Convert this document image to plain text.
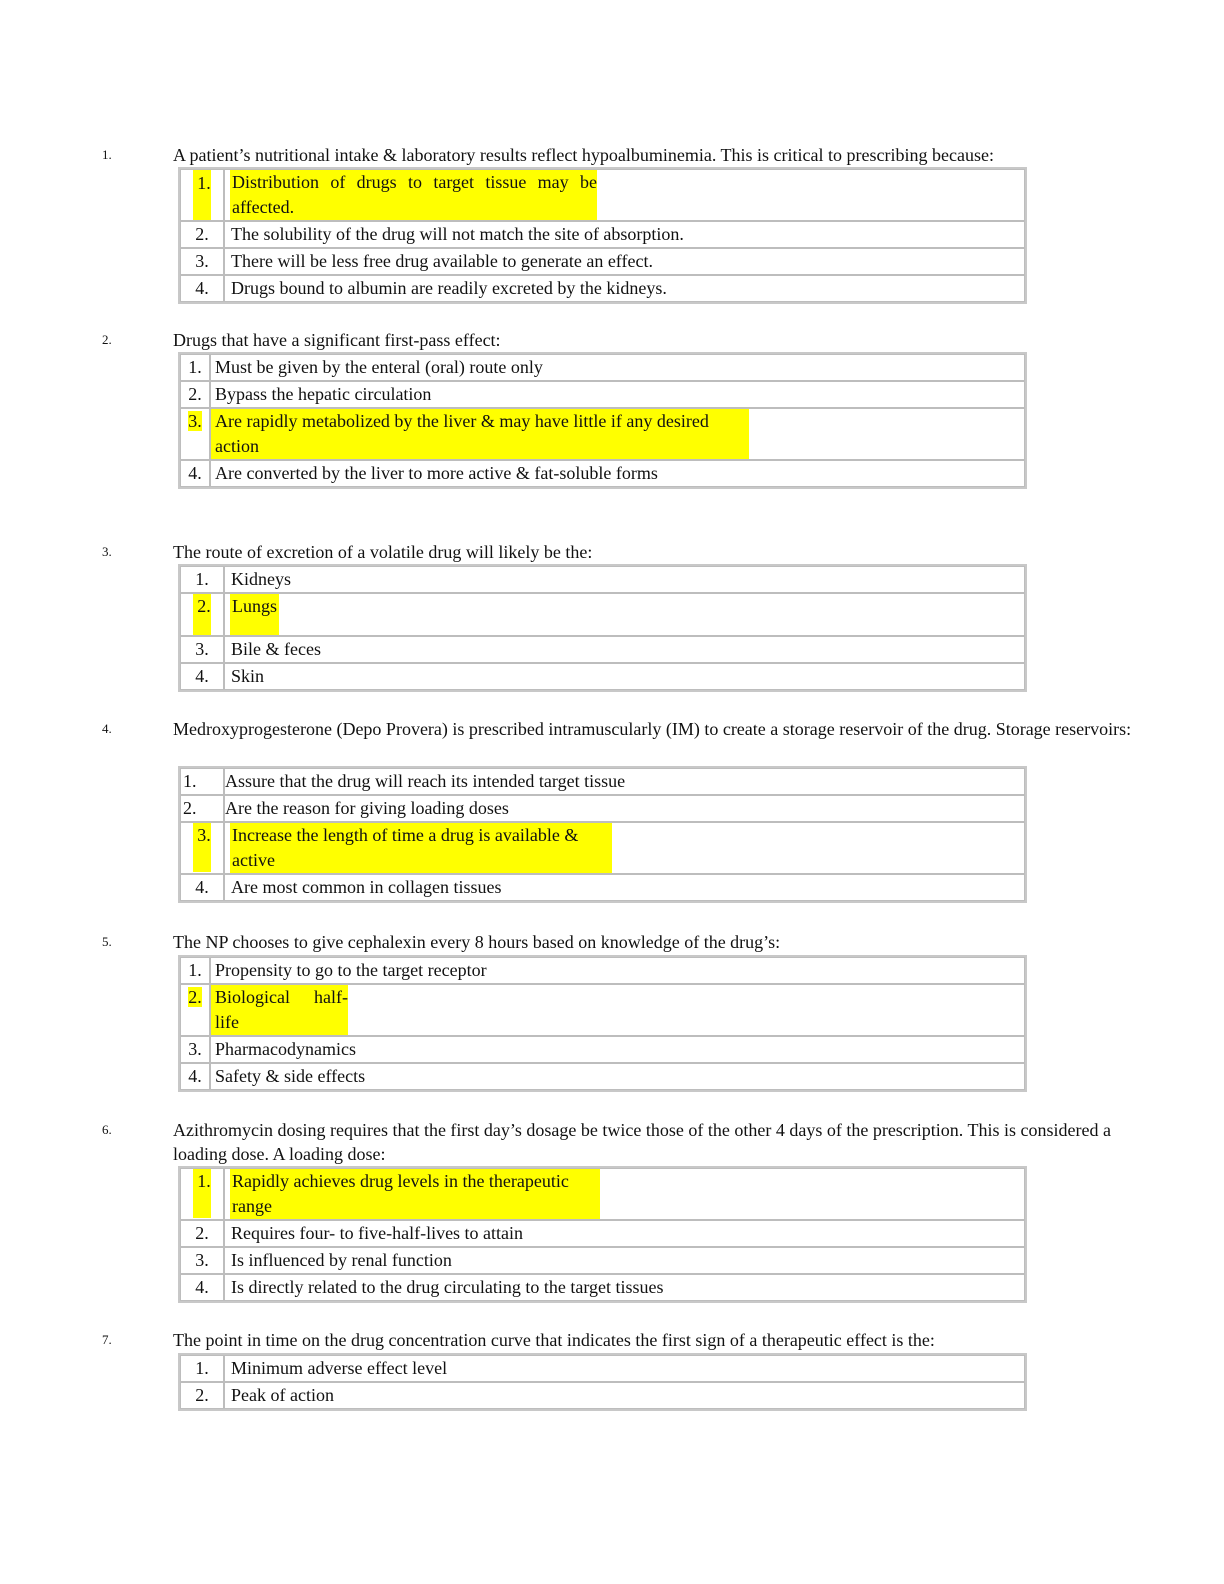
1.	A patient’s nutritional intake & laboratory results reflect hypoalbuminemia. This is critical to prescribing because:
1.	Distribution of drugs to target tissue may be affected.

2.	The solubility of the drug will not match the site of absorption.

3.	There will be less free drug available to generate an effect.

4.	Drugs bound to albumin are readily excreted by the kidneys.
2.	Drugs that have a significant first-pass effect:
1.	Must be given by the enteral (oral) route only

2.	Bypass the hepatic circulation

3.	Are rapidly metabolized by the liver & may have little if any desired action

4.	Are converted by the liver to more active & fat-soluble forms
3.	The route of excretion of a volatile drug will likely be the:
1.	Kidneys

2.	Lungs
3.	Bile & feces

4.	Skin
4.	Medroxyprogesterone (Depo Provera) is prescribed intramuscularly (IM) to create a storage reservoir of the drug. Storage reservoirs:
1.	Assure that the drug will reach its intended target tissue

2.	Are the reason for giving loading doses

3.	Increase the length of time a drug is available & active

4.	Are most common in collagen tissues
5.	The NP chooses to give cephalexin every 8 hours based on knowledge of the drug’s:
1.	Propensity to go to the target receptor

2.	Biological half-life

3.	Pharmacodynamics

4.	Safety & side effects
6.	Azithromycin dosing requires that the first day’s dosage be twice those of the other 4 days of the prescription. This is considered a loading dose. A loading dose:
1.	Rapidly achieves drug levels in the therapeutic range

2.	Requires four- to five-half-lives to attain

3.	Is influenced by renal function

4.	Is directly related to the drug circulating to the target tissues
7.	The point in time on the drug concentration curve that indicates the first sign of a therapeutic effect is the:
1.	Minimum adverse effect level

2.	Peak of action
